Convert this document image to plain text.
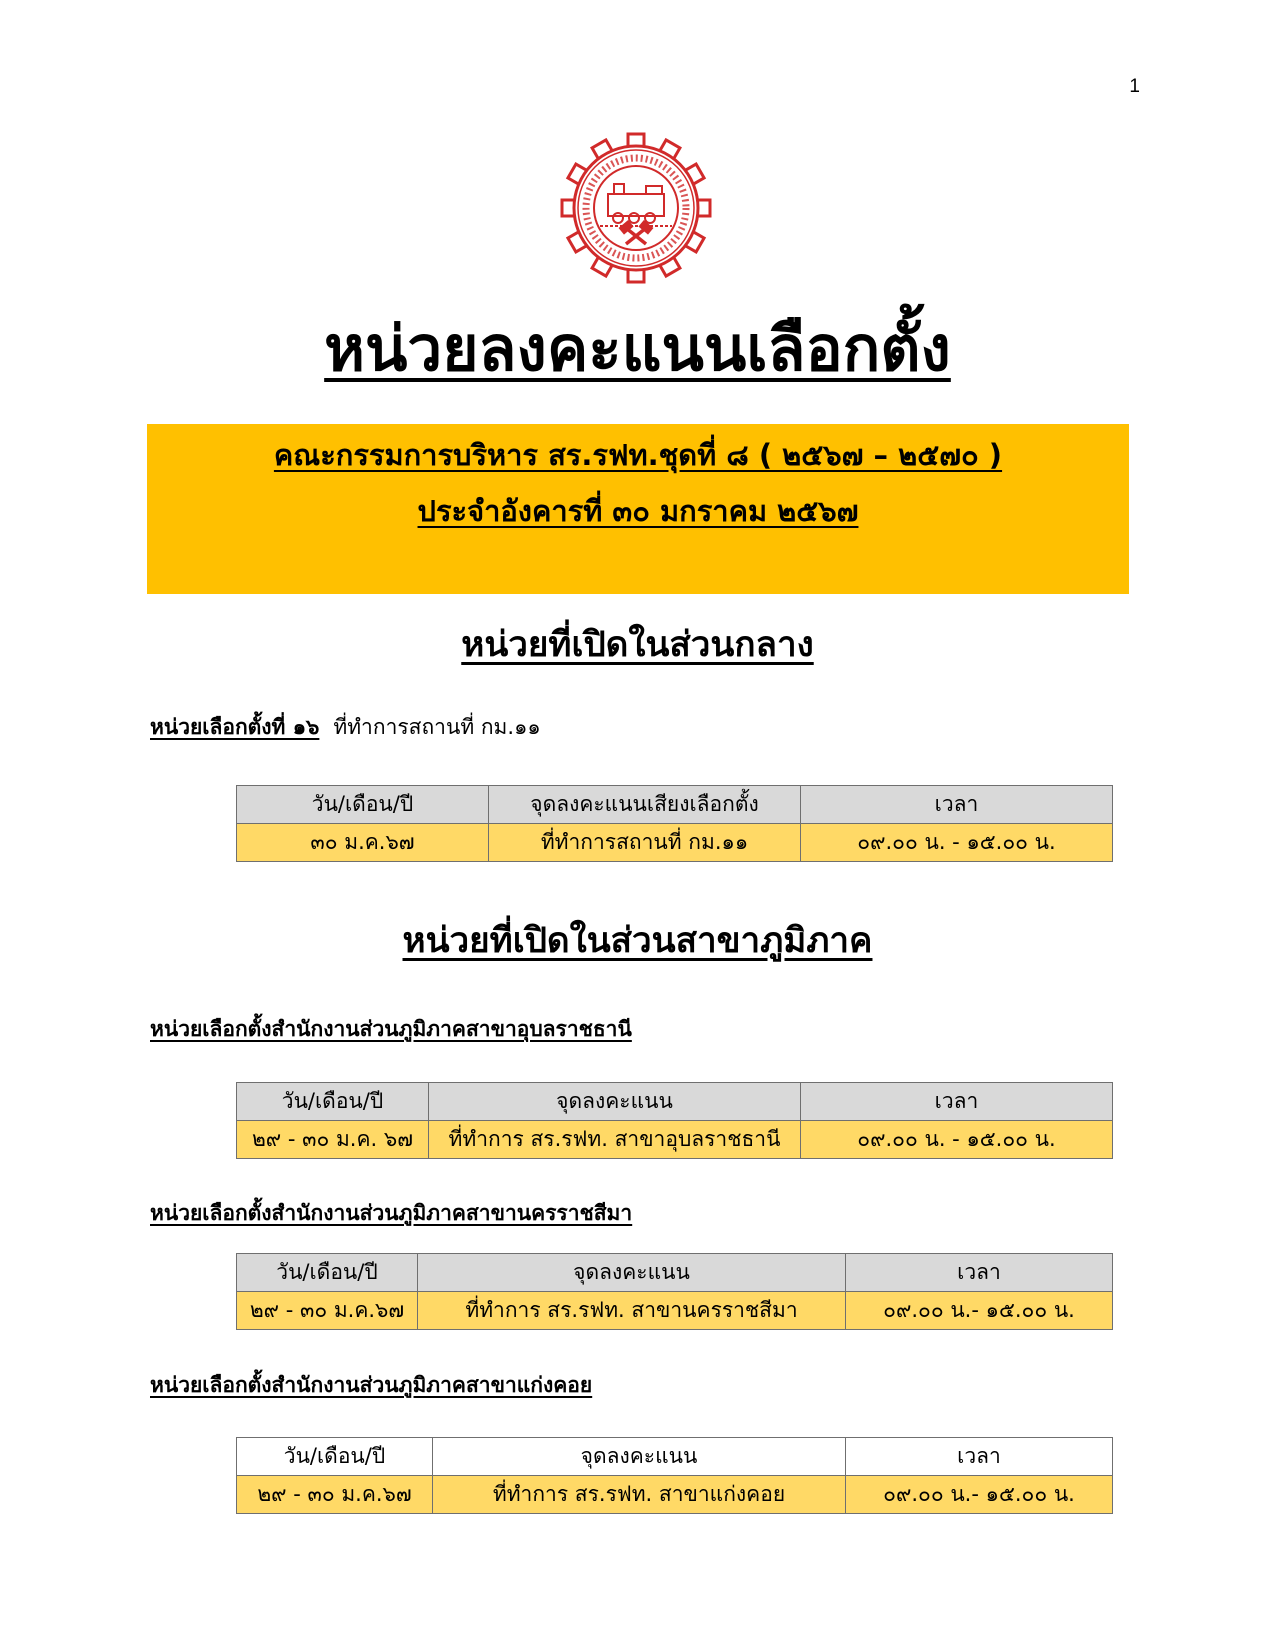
1
หน่วยลงคะแนนเลือกตั้ง
คณะกรรมการบริหาร สร.รฟท.ชุดที่ ๘ ( ๒๕๖๗ – ๒๕๗๐ )
ประจำอังคารที่ ๓๐ มกราคม ๒๕๖๗
หน่วยที่เปิดในส่วนกลาง
หน่วยเลือกตั้งที่ ๑๖ ที่ทำการสถานที่ กม.๑๑
วัน/เดือน/ปี	จุดลงคะแนนเสียงเลือกตั้ง	เวลา
๓๐ ม.ค.๖๗	ที่ทำการสถานที่ กม.๑๑	๐๙.๐๐ น. - ๑๕.๐๐ น.
หน่วยที่เปิดในส่วนสาขาภูมิภาค
หน่วยเลือกตั้งสำนักงานส่วนภูมิภาคสาขาอุบลราชธานี
วัน/เดือน/ปี	จุดลงคะแนน	เวลา
๒๙ - ๓๐ ม.ค. ๖๗	ที่ทำการ สร.รฟท. สาขาอุบลราชธานี	๐๙.๐๐ น. - ๑๕.๐๐ น.
หน่วยเลือกตั้งสำนักงานส่วนภูมิภาคสาขานครราชสีมา
วัน/เดือน/ปี	จุดลงคะแนน	เวลา
๒๙ - ๓๐ ม.ค.๖๗	ที่ทำการ สร.รฟท. สาขานครราชสีมา	๐๙.๐๐ น.- ๑๕.๐๐ น.
หน่วยเลือกตั้งสำนักงานส่วนภูมิภาคสาขาแก่งคอย
วัน/เดือน/ปี	จุดลงคะแนน	เวลา
๒๙ - ๓๐ ม.ค.๖๗	ที่ทำการ สร.รฟท. สาขาแก่งคอย	๐๙.๐๐ น.- ๑๕.๐๐ น.
